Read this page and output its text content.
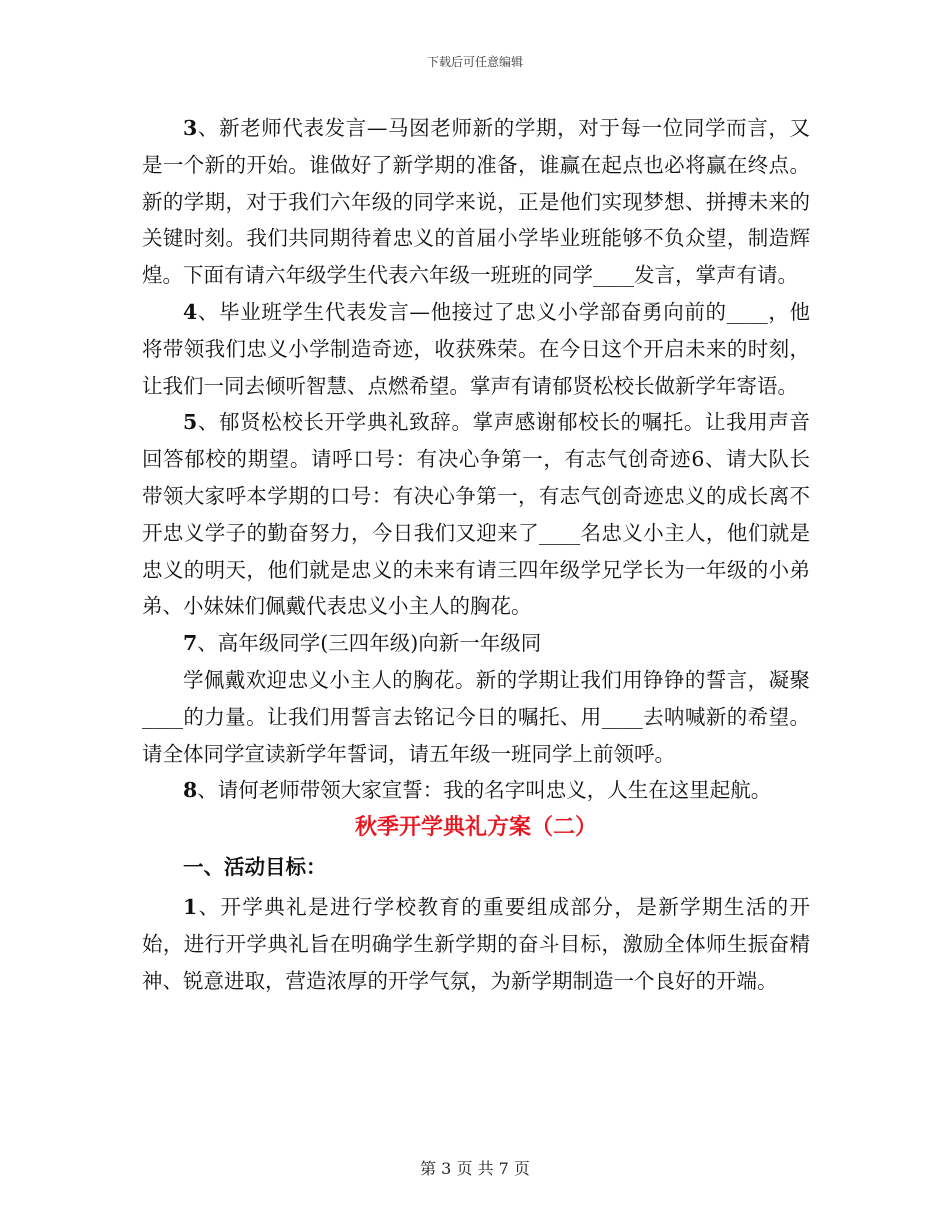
下载后可任意编辑

3、新老师代表发言—马囡老师新的学期，对于每一位同学而言，又是一个新的开始。谁做好了新学期的准备，谁赢在起点也必将赢在终点。新的学期，对于我们六年级的同学来说，正是他们实现梦想、拼搏未来的关键时刻。我们共同期待着忠义的首届小学毕业班能够不负众望，制造辉煌。下面有请六年级学生代表六年级一班班的同学____发言，掌声有请。

4、毕业班学生代表发言—他接过了忠义小学部奋勇向前的____，他将带领我们忠义小学制造奇迹，收获殊荣。在今日这个开启未来的时刻，让我们一同去倾听智慧、点燃希望。掌声有请郁贤松校长做新学年寄语。

5、郁贤松校长开学典礼致辞。掌声感谢郁校长的嘱托。让我用声音回答郁校的期望。请呼口号：有决心争第一，有志气创奇迹6、请大队长带领大家呼本学期的口号：有决心争第一，有志气创奇迹忠义的成长离不开忠义学子的勤奋努力，今日我们又迎来了____名忠义小主人，他们就是忠义的明天，他们就是忠义的未来有请三四年级学兄学长为一年级的小弟弟、小妹妹们佩戴代表忠义小主人的胸花。

7、高年级同学(三四年级)向新一年级同

学佩戴欢迎忠义小主人的胸花。新的学期让我们用铮铮的誓言，凝聚____的力量。让我们用誓言去铭记今日的嘱托、用____去呐喊新的希望。请全体同学宣读新学年誓词，请五年级一班同学上前领呼。

8、请何老师带领大家宣誓：我的名字叫忠义，人生在这里起航。

秋季开学典礼方案（二）

一、活动目标：

1、开学典礼是进行学校教育的重要组成部分，是新学期生活的开始，进行开学典礼旨在明确学生新学期的奋斗目标，激励全体师生振奋精神、锐意进取，营造浓厚的开学气氛，为新学期制造一个良好的开端。

第 3 页 共 7 页
